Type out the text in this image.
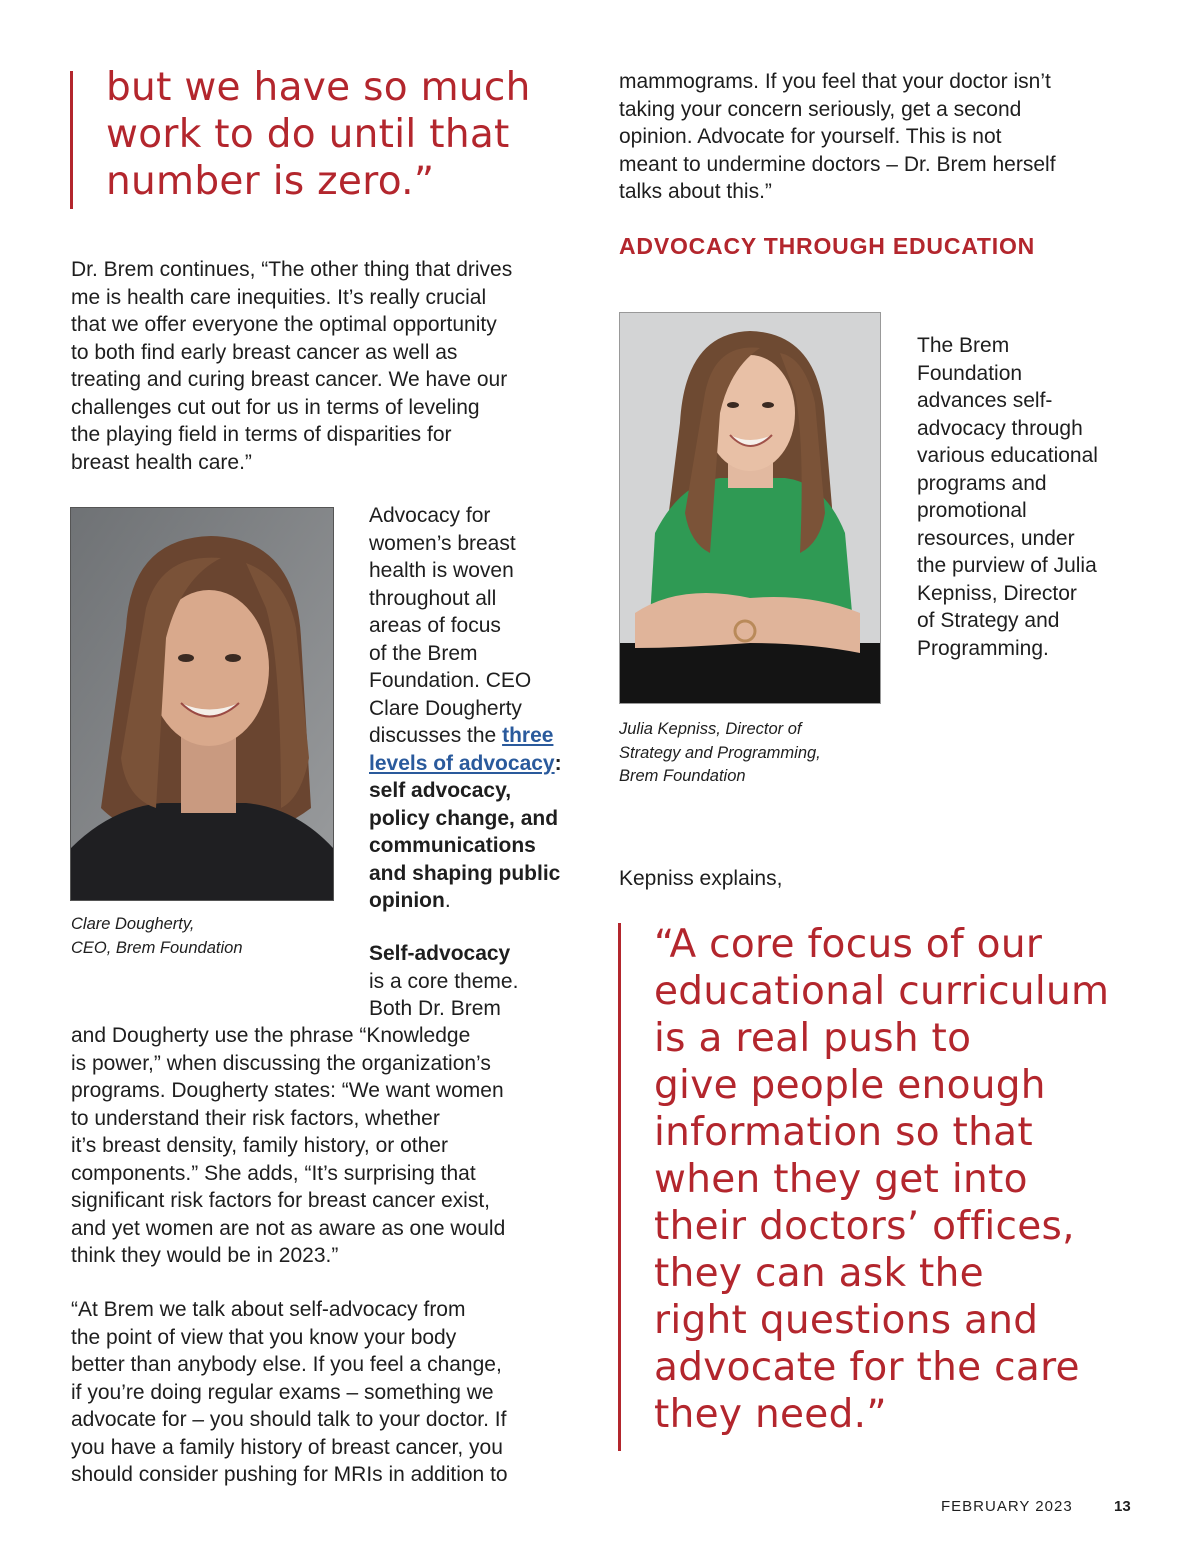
but we have so much
work to do until that
number is zero.”
Dr. Brem continues, “The other thing that drives
me is health care inequities. It’s really crucial
that we offer everyone the optimal opportunity
to both find early breast cancer as well as
treating and curing breast cancer. We have our
challenges cut out for us in terms of leveling
the playing field in terms of disparities for
breast health care.”
Clare Dougherty,
CEO, Brem Foundation
Advocacy for
women’s breast
health is woven
throughout all
areas of focus
of the Brem
Foundation. CEO
Clare Dougherty
discusses the three
levels of advocacy:
self advocacy,
policy change, and
communications
and shaping public
opinion.
Self-advocacy
is a core theme.
Both Dr. Brem
and Dougherty use the phrase “Knowledge
is power,” when discussing the organization’s
programs. Dougherty states: “We want women
to understand their risk factors, whether
it’s breast density, family history, or other
components.” She adds, “It’s surprising that
significant risk factors for breast cancer exist,
and yet women are not as aware as one would
think they would be in 2023.”
“At Brem we talk about self-advocacy from
the point of view that you know your body
better than anybody else. If you feel a change,
if you’re doing regular exams – something we
advocate for – you should talk to your doctor. If
you have a family history of breast cancer, you
should consider pushing for MRIs in addition to
mammograms. If you feel that your doctor isn’t
taking your concern seriously, get a second
opinion. Advocate for yourself. This is not
meant to undermine doctors – Dr. Brem herself
talks about this.”
ADVOCACY THROUGH EDUCATION
Julia Kepniss, Director of
Strategy and Programming,
Brem Foundation
The Brem
Foundation
advances self-
advocacy through
various educational
programs and
promotional
resources, under
the purview of Julia
Kepniss, Director
of Strategy and
Programming.
Kepniss explains,
“A core focus of our
educational curriculum
is a real push to
give people enough
information so that
when they get into
their doctors’ offices,
they can ask the
right questions and
advocate for the care
they need.”
FEBRUARY 2023	13
